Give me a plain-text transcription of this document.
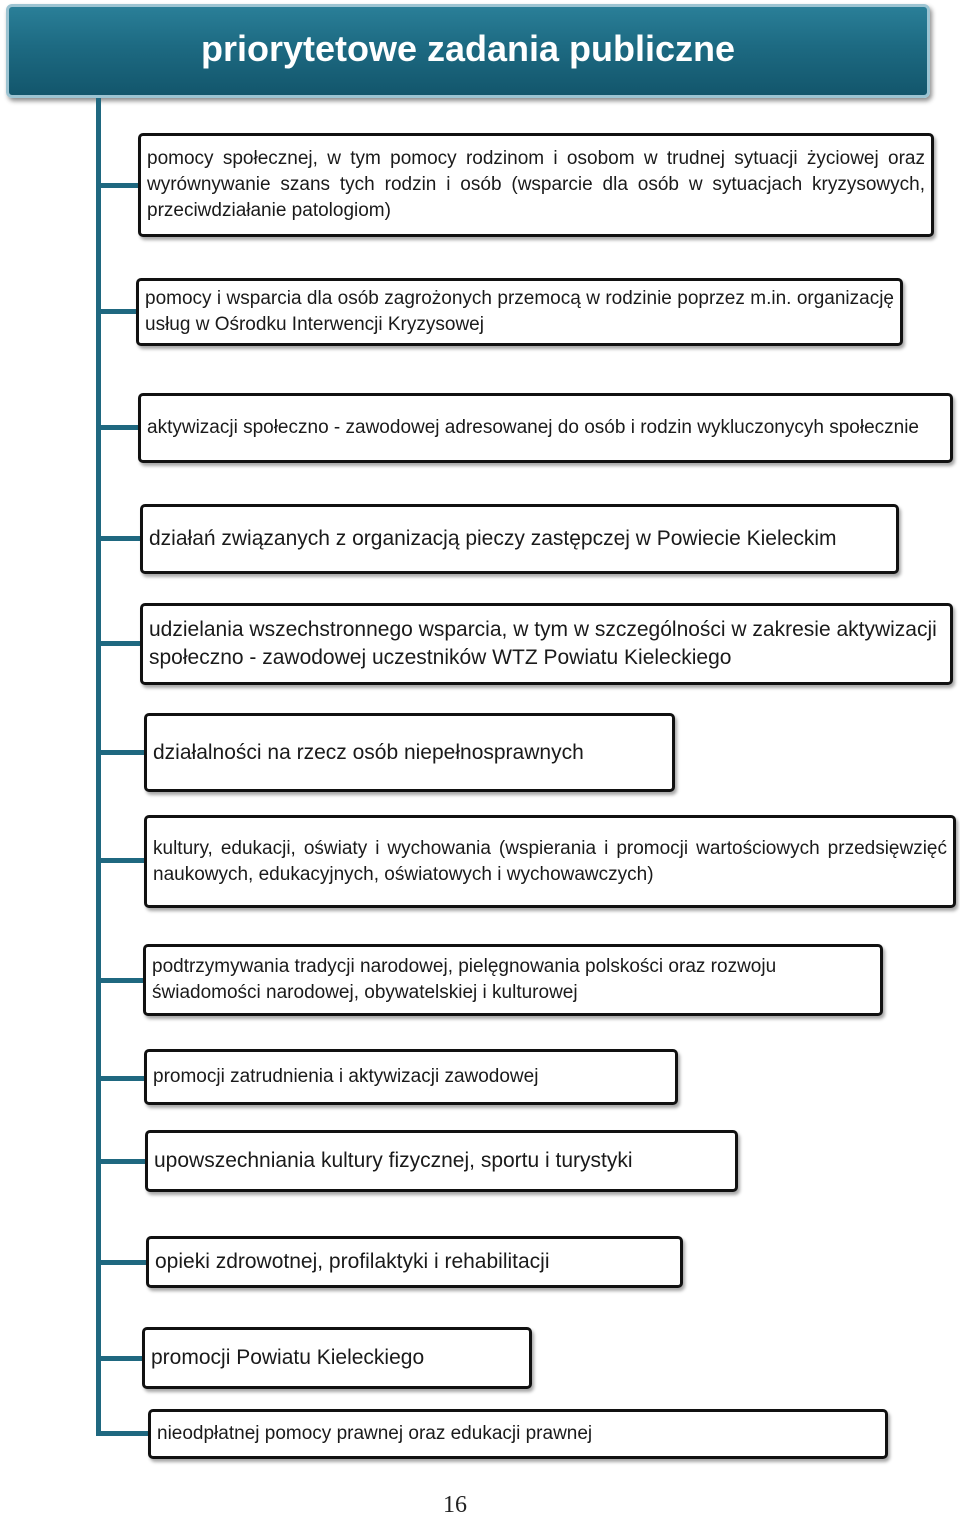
priorytetowe zadania publiczne
pomocy społecznej, w tym pomocy rodzinom i osobom w trudnej sytuacji życiowej oraz wyrównywanie szans tych rodzin i osób (wsparcie dla osób w sytuacjach kryzysowych, przeciwdziałanie patologiom)
pomocy i wsparcia dla osób zagrożonych przemocą w rodzinie poprzez m.in. organizację usług w Ośrodku Interwencji Kryzysowej
aktywizacji społeczno - zawodowej adresowanej do osób i rodzin wykluczonycyh społecznie
działań związanych z organizacją pieczy zastępczej w Powiecie Kieleckim
udzielania wszechstronnego wsparcia, w tym w szczególności w zakresie aktywizacji społeczno - zawodowej uczestników WTZ Powiatu Kieleckiego
działalności na rzecz osób niepełnosprawnych
kultury, edukacji, oświaty i wychowania (wspierania i promocji wartościowych przedsięwzięć naukowych, edukacyjnych, oświatowych i wychowawczych)
podtrzymywania tradycji narodowej, pielęgnowania polskości oraz rozwoju świadomości narodowej, obywatelskiej i kulturowej
promocji zatrudnienia i aktywizacji zawodowej
upowszechniania kultury fizycznej, sportu i turystyki
opieki zdrowotnej, profilaktyki i rehabilitacji
promocji Powiatu Kieleckiego
nieodpłatnej pomocy prawnej oraz edukacji prawnej
16
